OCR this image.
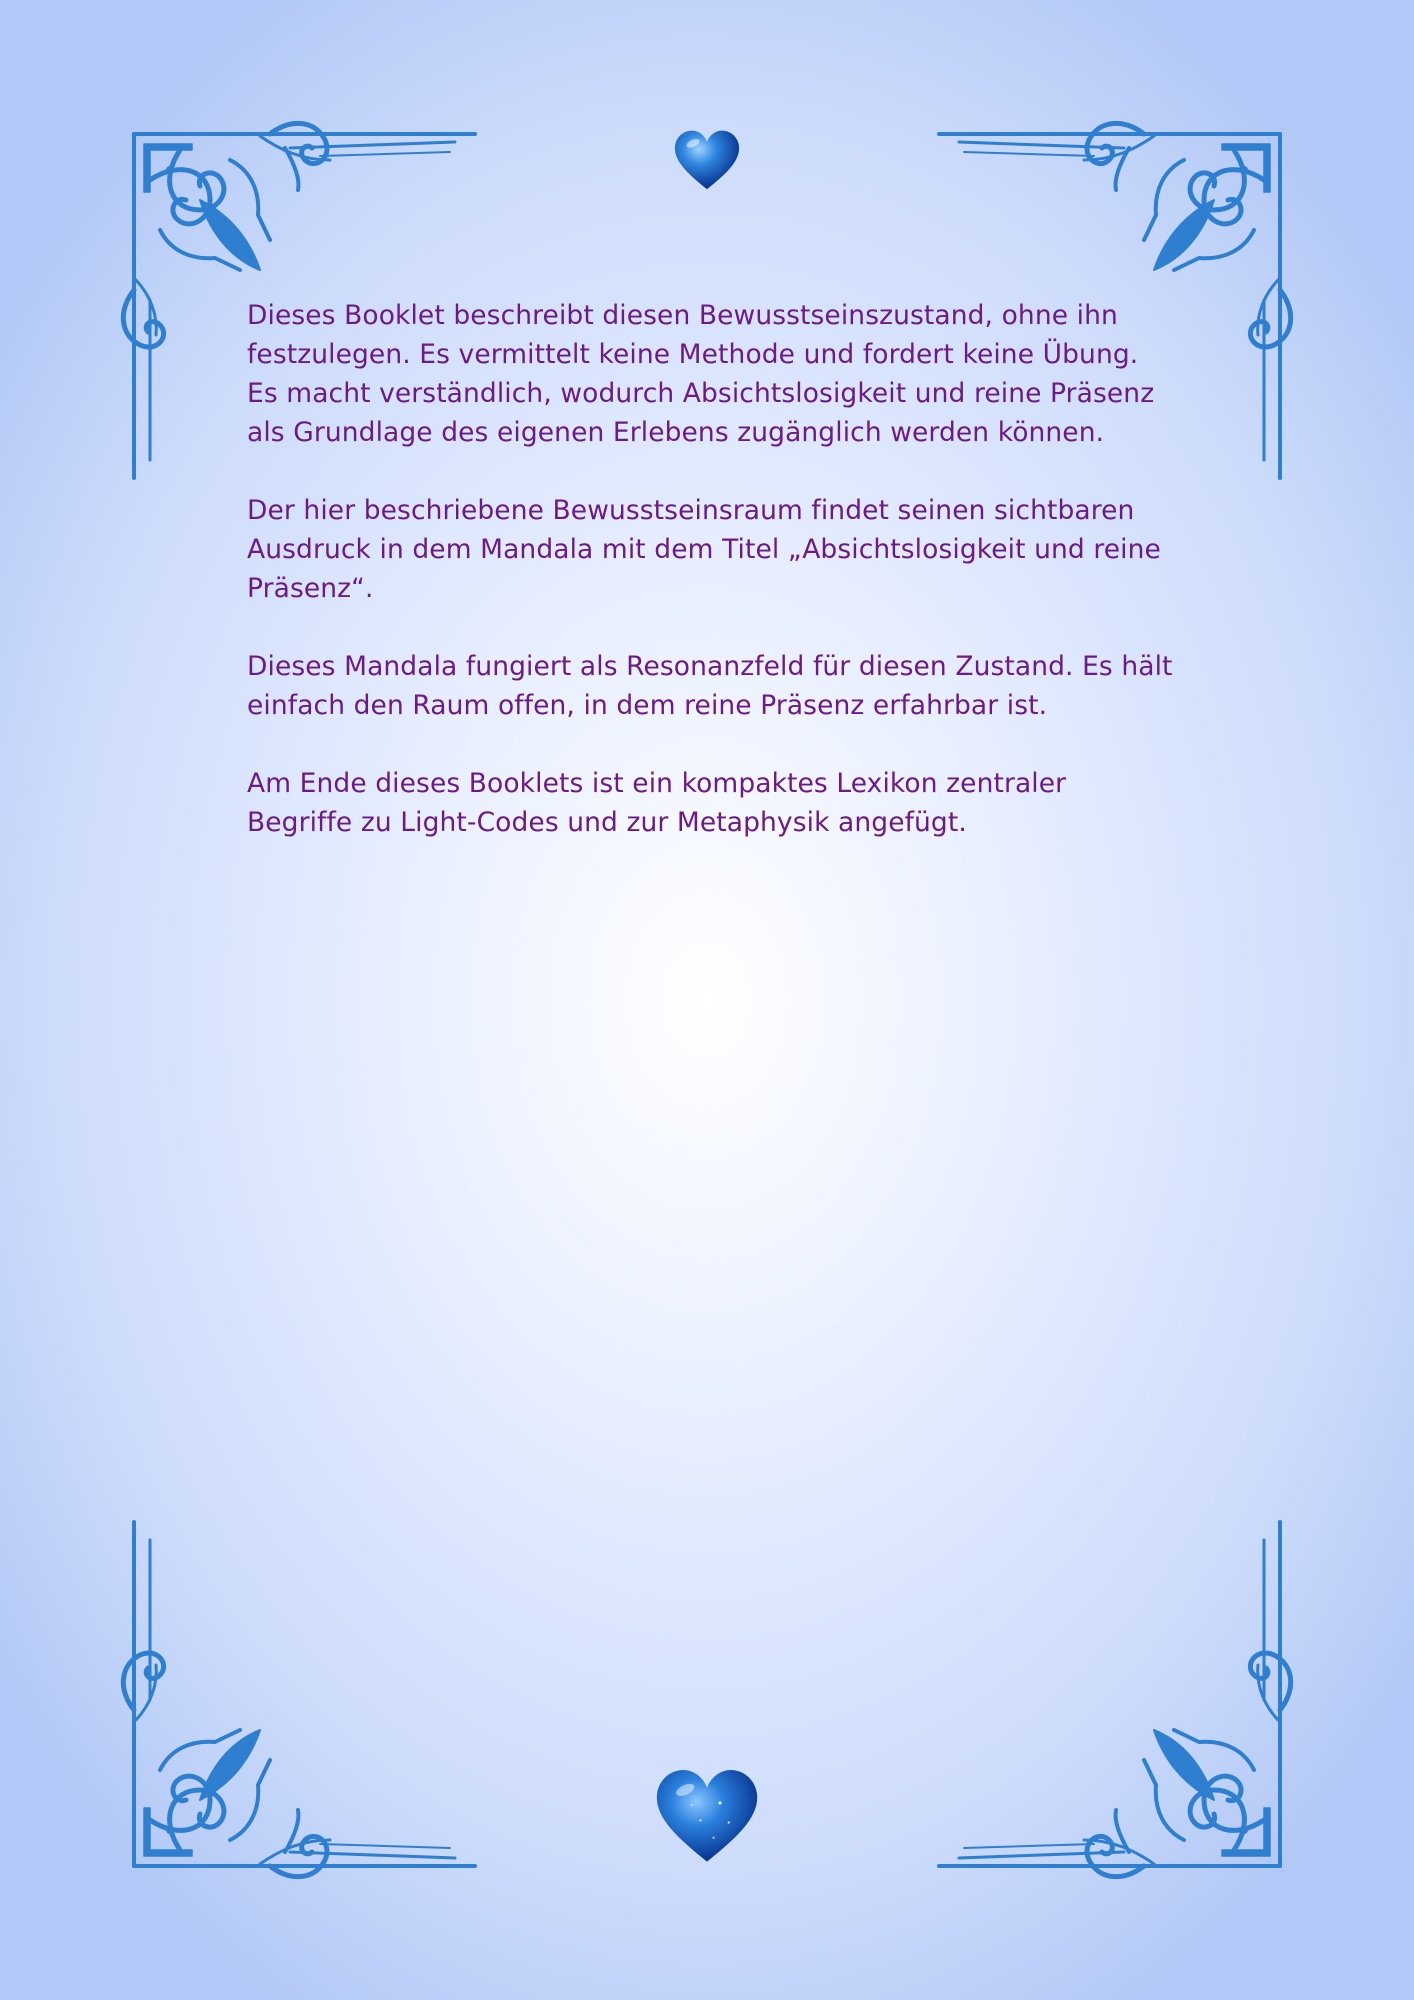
Dieses Booklet beschreibt diesen Bewusstseinszustand, ohne ihn festzulegen. Es vermittelt keine Methode und fordert keine Übung. Es macht verständlich, wodurch Absichtslosigkeit und reine Präsenz als Grundlage des eigenen Erlebens zugänglich werden können.

Der hier beschriebene Bewusstseinsraum findet seinen sichtbaren Ausdruck in dem Mandala mit dem Titel „Absichtslosigkeit und reine Präsenz“.

Dieses Mandala fungiert als Resonanzfeld für diesen Zustand. Es hält einfach den Raum offen, in dem reine Präsenz erfahrbar ist.

Am Ende dieses Booklets ist ein kompaktes Lexikon zentraler Begriffe zu Light-Codes und zur Metaphysik angefügt.
